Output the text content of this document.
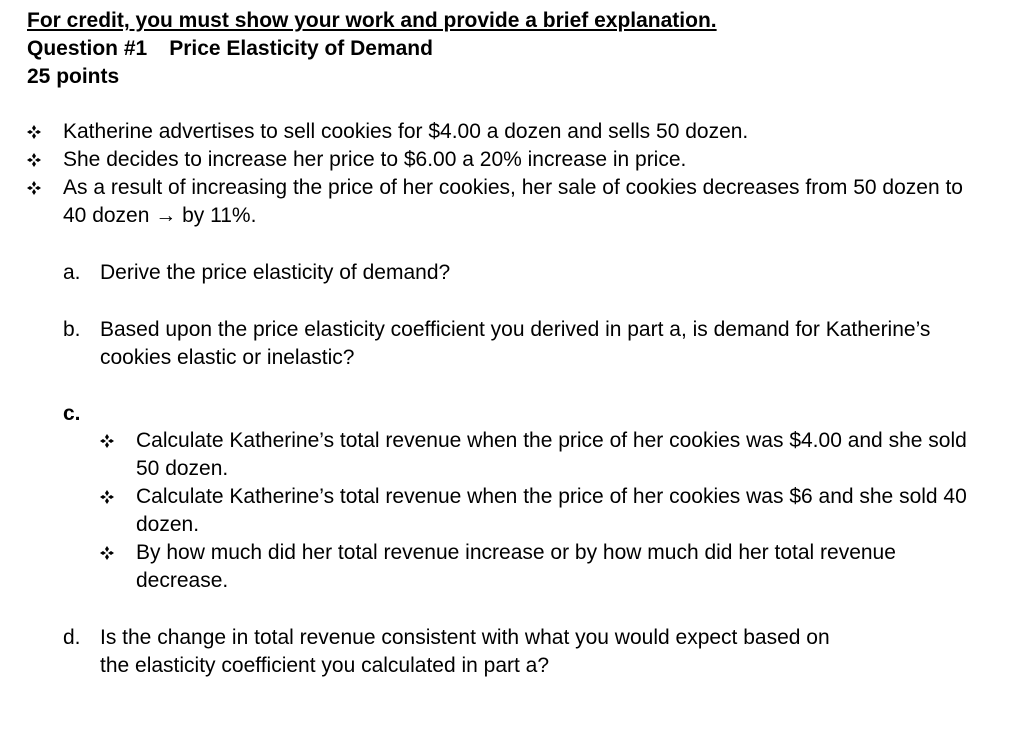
For credit, you must show your work and provide a brief explanation.
Question #1 Price Elasticity of Demand
25 points
Katherine advertises to sell cookies for $4.00 a dozen and sells 50 dozen.
She decides to increase her price to $6.00 a 20% increase in price.
As a result of increasing the price of her cookies, her sale of cookies decreases from 50 dozen to 40 dozen → by 11%.
a. Derive the price elasticity of demand?
b. Based upon the price elasticity coefficient you derived in part a, is demand for Katherine’s cookies elastic or inelastic?
c.
Calculate Katherine’s total revenue when the price of her cookies was $4.00 and she sold 50 dozen.
Calculate Katherine’s total revenue when the price of her cookies was $6 and she sold 40 dozen.
By how much did her total revenue increase or by how much did her total revenue decrease.
d. Is the change in total revenue consistent with what you would expect based on the elasticity coefficient you calculated in part a?
